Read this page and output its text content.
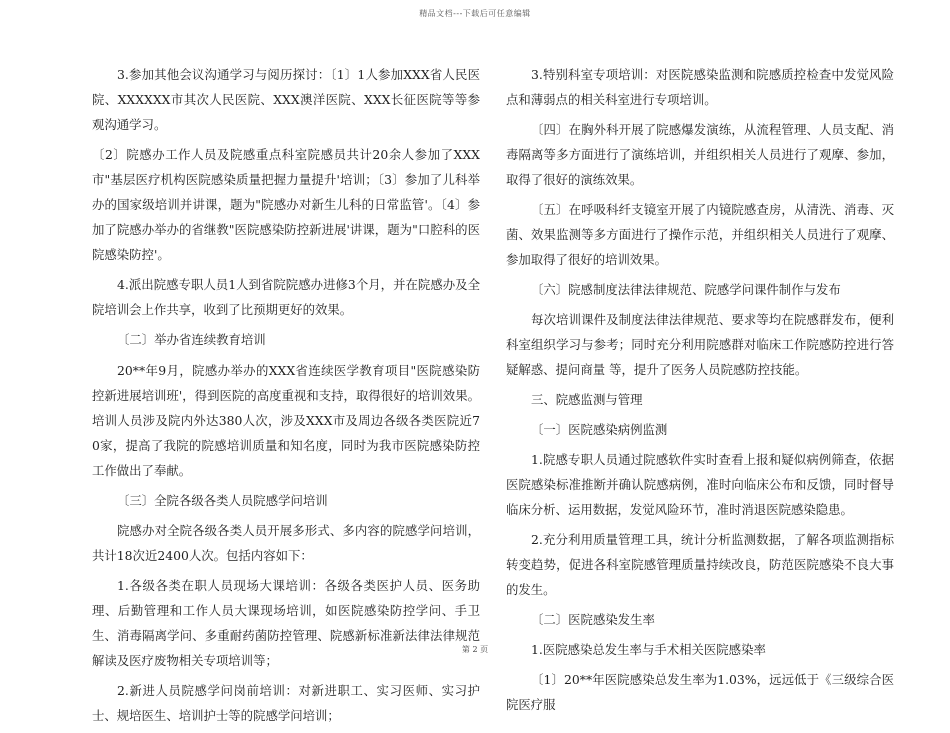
精品文档---下载后可任意编辑

3.参加其他会议沟通学习与阅历探讨：〔1〕1人参加XXX省人民医院、XXXXXX市其次人民医院、XXX澳洋医院、XXX长征医院等等参观沟通学习。

〔2〕院感办工作人员及院感重点科室院感员共计20余人参加了XXX市"基层医疗机构医院感染质量把握力量提升'培训；〔3〕参加了儿科举办的国家级培训并讲课，题为"院感办对新生儿科的日常监管'。〔4〕参加了院感办举办的省继教"医院感染防控新进展'讲课，题为"口腔科的医院感染防控'。

4.派出院感专职人员1人到省院院感办进修3个月，并在院感办及全院培训会上作共享，收到了比预期更好的效果。

〔二〕举办省连续教育培训

20**年9月，院感办举办的XXX省连续医学教育项目"医院感染防控新进展培训班'，得到医院的高度重视和支持，取得很好的培训效果。培训人员涉及院内外达380人次，涉及XXX市及周边各级各类医院近70家，提高了我院的院感培训质量和知名度，同时为我市医院感染防控工作做出了奉献。

〔三〕全院各级各类人员院感学问培训

院感办对全院各级各类人员开展多形式、多内容的院感学问培训，共计18次近2400人次。包括内容如下：

1.各级各类在职人员现场大课培训：各级各类医护人员、医务助理、后勤管理和工作人员大课现场培训，如医院感染防控学问、手卫生、消毒隔离学问、多重耐药菌防控管理、院感新标准新法律法律规范解读及医疗废物相关专项培训等；

2.新进人员院感学问岗前培训：对新进职工、实习医师、实习护士、规培医生、培训护士等的院感学问培训；

3.特别科室专项培训：对医院感染监测和院感质控检查中发觉风险点和薄弱点的相关科室进行专项培训。

〔四〕在胸外科开展了院感爆发演练，从流程管理、人员支配、消毒隔离等多方面进行了演练培训，并组织相关人员进行了观摩、参加，取得了很好的演练效果。

〔五〕在呼吸科纤支镜室开展了内镜院感查房，从清洗、消毒、灭菌、效果监测等多方面进行了操作示范，并组织相关人员进行了观摩、参加取得了很好的培训效果。

〔六〕院感制度法律法律规范、院感学问课件制作与发布

每次培训课件及制度法律法律规范、要求等均在院感群发布，便利科室组织学习与参考；同时充分利用院感群对临床工作院感防控进行答疑解惑、提问商量 等，提升了医务人员院感防控技能。

三、院感监测与管理

〔一〕医院感染病例监测

1.院感专职人员通过院感软件实时查看上报和疑似病例筛查，依据医院感染标准推断并确认院感病例，准时向临床公布和反馈，同时督导临床分析、运用数据，发觉风险环节，准时消退医院感染隐患。

2.充分利用质量管理工具，统计分析监测数据，了解各项监测指标转变趋势，促进各科室院感管理质量持续改良，防范医院感染不良大事的发生。

〔二〕医院感染发生率

1.医院感染总发生率与手术相关医院感染率

〔1〕20**年医院感染总发生率为1.03%，远远低于《三级综合医院医疗服

第 2 页
